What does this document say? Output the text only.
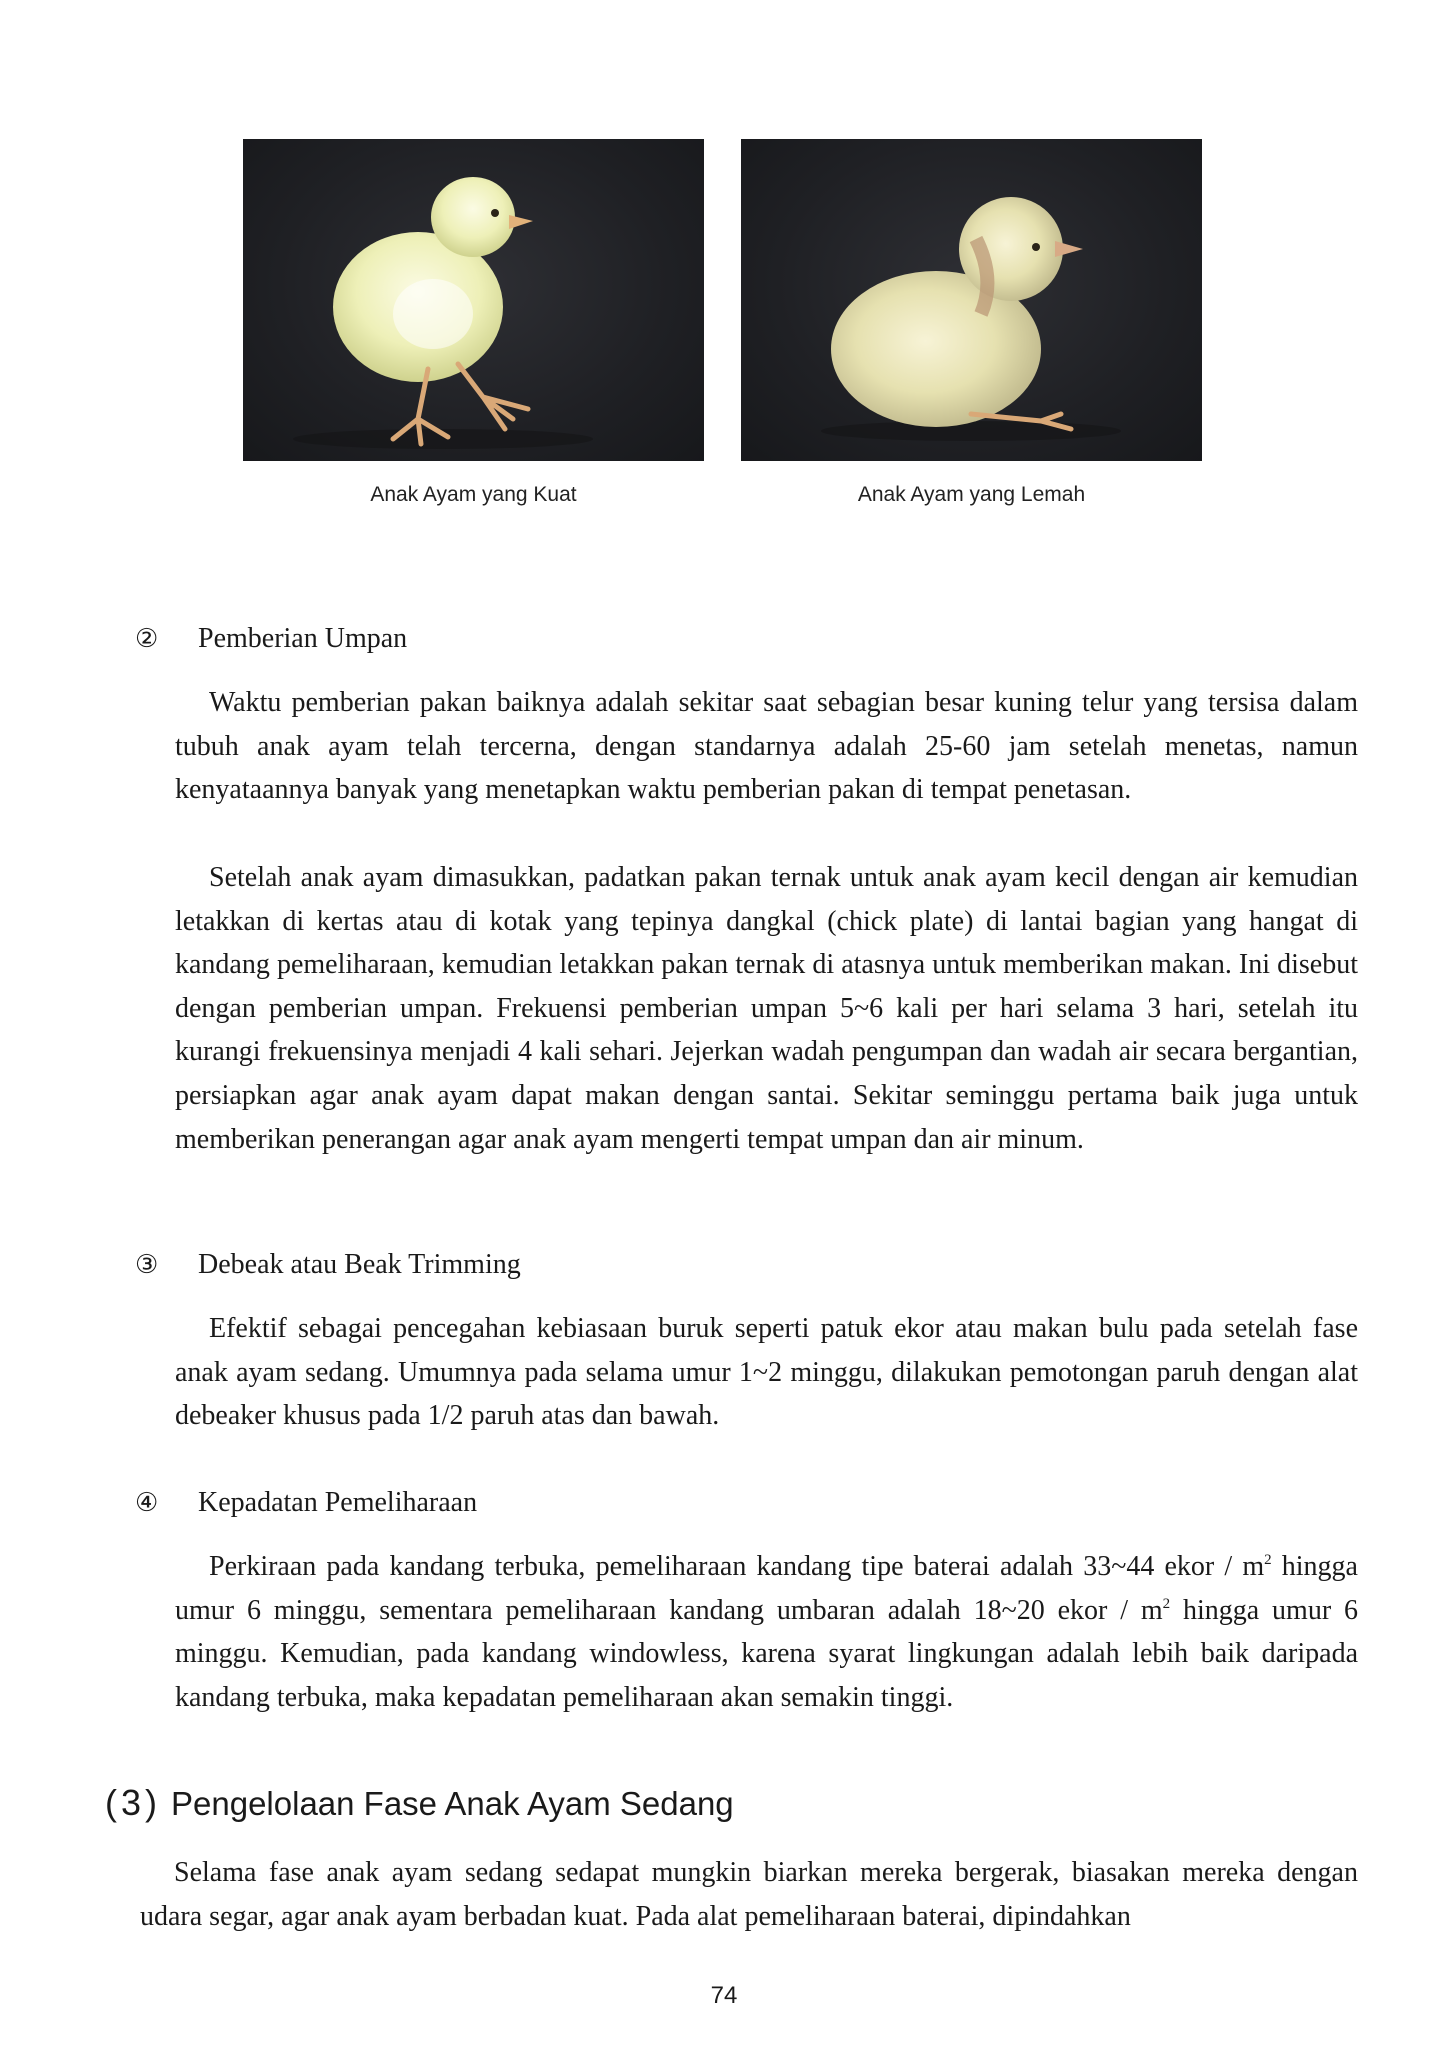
Anak Ayam yang Kuat	Anak Ayam yang Lemah
② Pemberian Umpan

Waktu pemberian pakan baiknya adalah sekitar saat sebagian besar kuning telur yang tersisa dalam tubuh anak ayam telah tercerna, dengan standarnya adalah 25-60 jam setelah menetas, namun kenyataannya banyak yang menetapkan waktu pemberian pakan di tempat penetasan.

Setelah anak ayam dimasukkan, padatkan pakan ternak untuk anak ayam kecil dengan air kemudian letakkan di kertas atau di kotak yang tepinya dangkal (chick plate) di lantai bagian yang hangat di kandang pemeliharaan, kemudian letakkan pakan ternak di atasnya untuk memberikan makan. Ini disebut dengan pemberian umpan. Frekuensi pemberian umpan 5~6 kali per hari selama 3 hari, setelah itu kurangi frekuensinya menjadi 4 kali sehari. Jejerkan wadah pengumpan dan wadah air secara bergantian, persiapkan agar anak ayam dapat makan dengan santai. Sekitar seminggu pertama baik juga untuk memberikan penerangan agar anak ayam mengerti tempat umpan dan air minum.

③ Debeak atau Beak Trimming

Efektif sebagai pencegahan kebiasaan buruk seperti patuk ekor atau makan bulu pada setelah fase anak ayam sedang. Umumnya pada selama umur 1~2 minggu, dilakukan pemotongan paruh dengan alat debeaker khusus pada 1/2 paruh atas dan bawah.

④ Kepadatan Pemeliharaan

Perkiraan pada kandang terbuka, pemeliharaan kandang tipe baterai adalah 33~44 ekor / $m^2$ hingga umur 6 minggu, sementara pemeliharaan kandang umbaran adalah 18~20 ekor / $m^2$ hingga umur 6 minggu. Kemudian, pada kandang windowless, karena syarat lingkungan adalah lebih baik daripada kandang terbuka, maka kepadatan pemeliharaan akan semakin tinggi.

(3) Pengelolaan Fase Anak Ayam Sedang

Selama fase anak ayam sedang sedapat mungkin biarkan mereka bergerak, biasakan mereka dengan udara segar, agar anak ayam berbadan kuat. Pada alat pemeliharaan baterai, dipindahkan

74
